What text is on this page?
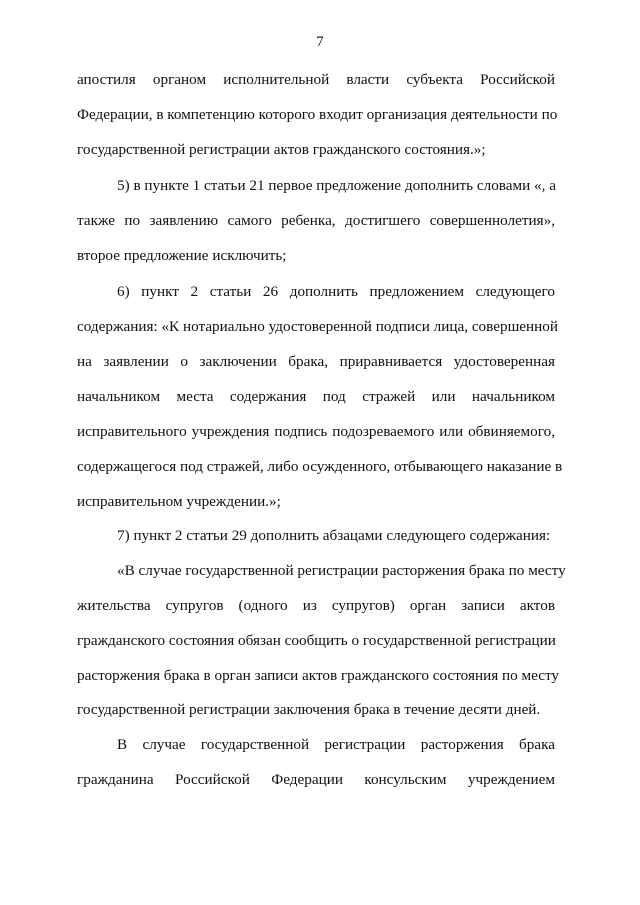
7
апостиля органом исполнительной власти субъекта Российской
Федерации, в компетенцию которого входит организация деятельности по
государственной регистрации актов гражданского состояния.»;
5) в пункте 1 статьи 21 первое предложение дополнить словами «, а
также по заявлению самого ребенка, достигшего совершеннолетия»,
второе предложение исключить;
6) пункт 2 статьи 26 дополнить предложением следующего
содержания: «К нотариально удостоверенной подписи лица, совершенной
на заявлении о заключении брака, приравнивается удостоверенная
начальником места содержания под стражей или начальником
исправительного учреждения подпись подозреваемого или обвиняемого,
содержащегося под стражей, либо осужденного, отбывающего наказание в
исправительном учреждении.»;
7) пункт 2 статьи 29 дополнить абзацами следующего содержания:
«В случае государственной регистрации расторжения брака по месту
жительства супругов (одного из супругов) орган записи актов
гражданского состояния обязан сообщить о государственной регистрации
расторжения брака в орган записи актов гражданского состояния по месту
государственной регистрации заключения брака в течение десяти дней.
В случае государственной регистрации расторжения брака
гражданина Российской Федерации консульским учреждением
